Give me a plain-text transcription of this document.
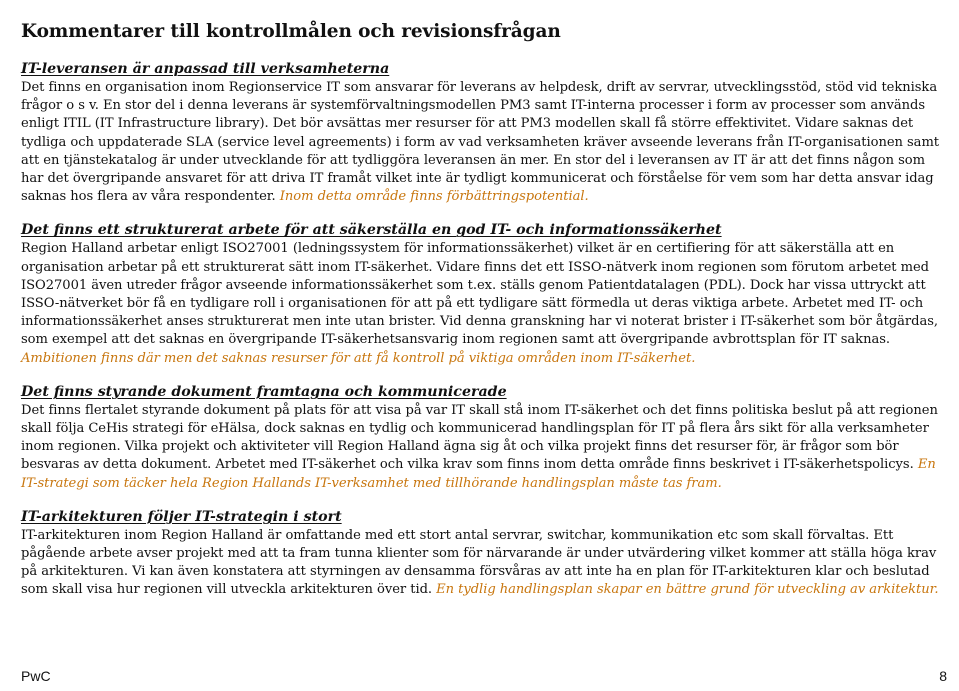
Kommentarer till kontrollmålen och revisionsfrågan

IT-leveransen är anpassad till verksamheterna

Det finns en organisation inom Regionservice IT som ansvarar för leverans av helpdesk, drift av servrar, utvecklingsstöd, stöd vid tekniska frågor o s v. En stor del i denna leverans är systemförvaltningsmodellen PM3 samt IT-interna processer i form av processer som används enligt ITIL (IT Infrastructure library). Det bör avsättas mer resurser för att PM3 modellen skall få större effektivitet. Vidare saknas det tydliga och uppdaterade SLA (service level agreements) i form av vad verksamheten kräver avseende leverans från IT-organisationen samt att en tjänstekatalog är under utvecklande för att tydliggöra leveransen än mer. En stor del i leveransen av IT är att det finns någon som har det övergripande ansvaret för att driva IT framåt vilket inte är tydligt kommunicerat och förståelse för vem som har detta ansvar idag saknas hos flera av våra respondenter. Inom detta område finns förbättringspotential.

Det finns ett strukturerat arbete för att säkerställa en god IT- och informationssäkerhet

Region Halland arbetar enligt ISO27001 (ledningssystem för informationssäkerhet) vilket är en certifiering för att säkerställa att en organisation arbetar på ett strukturerat sätt inom IT-säkerhet. Vidare finns det ett ISSO-nätverk inom regionen som förutom arbetet med ISO27001 även utreder frågor avseende informationssäkerhet som t.ex. ställs genom Patientdatalagen (PDL). Dock har vissa uttryckt att ISSO-nätverket bör få en tydligare roll i organisationen för att på ett tydligare sätt förmedla ut deras viktiga arbete. Arbetet med IT- och informationssäkerhet anses strukturerat men inte utan brister. Vid denna granskning har vi noterat brister i IT-säkerhet som bör åtgärdas, som exempel att det saknas en övergripande IT-säkerhetsansvarig inom regionen samt att övergripande avbrottsplan för IT saknas. Ambitionen finns där men det saknas resurser för att få kontroll på viktiga områden inom IT-säkerhet.

Det finns styrande dokument framtagna och kommunicerade

Det finns flertalet styrande dokument på plats för att visa på var IT skall stå inom IT-säkerhet och det finns politiska beslut på att regionen skall följa CeHis strategi för eHälsa, dock saknas en tydlig och kommunicerad handlingsplan för IT på flera års sikt för alla verksamheter inom regionen. Vilka projekt och aktiviteter vill Region Halland ägna sig åt och vilka projekt finns det resurser för, är frågor som bör besvaras av detta dokument. Arbetet med IT-säkerhet och vilka krav som finns inom detta område finns beskrivet i IT-säkerhetspolicys. En IT-strategi som täcker hela Region Hallands IT-verksamhet med tillhörande handlingsplan måste tas fram.

IT-arkitekturen följer IT-strategin i stort

IT-arkitekturen inom Region Halland är omfattande med ett stort antal servrar, switchar, kommunikation etc som skall förvaltas. Ett pågående arbete avser projekt med att ta fram tunna klienter som för närvarande är under utvärdering vilket kommer att ställa höga krav på arkitekturen. Vi kan även konstatera att styrningen av densamma försvåras av att inte ha en plan för IT-arkitekturen klar och beslutad som skall visa hur regionen vill utveckla arkitekturen över tid. En tydlig handlingsplan skapar en bättre grund för utveckling av arkitektur.

PwC	8
